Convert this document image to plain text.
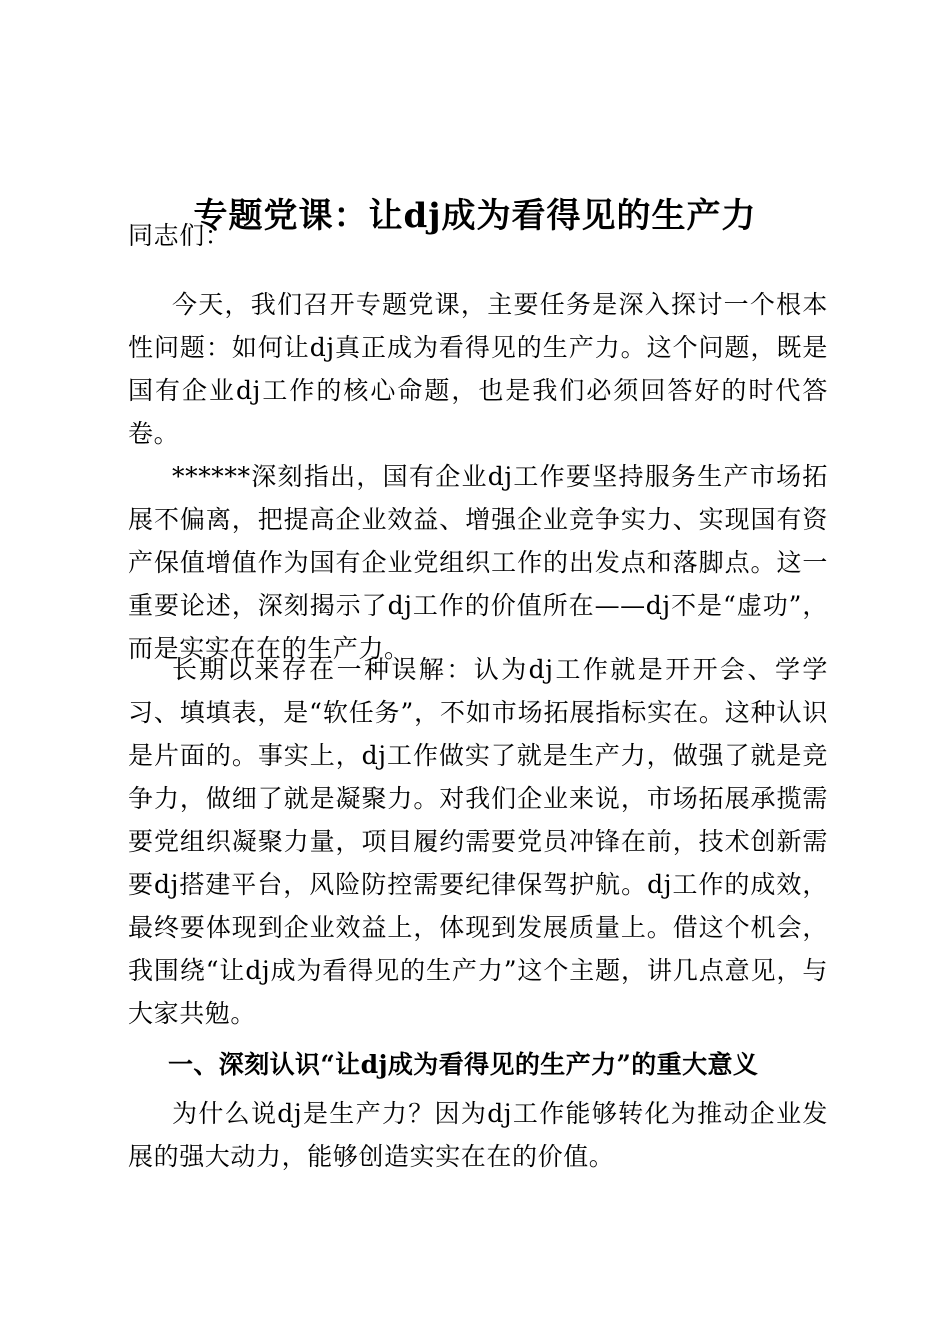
专题党课：让dj成为看得见的生产力

同志们：

今天，我们召开专题党课，主要任务是深入探讨一个根本性问题：如何让dj真正成为看得见的生产力。这个问题，既是国有企业dj工作的核心命题，也是我们必须回答好的时代答卷。

******深刻指出，国有企业dj工作要坚持服务生产市场拓展不偏离，把提高企业效益、增强企业竞争实力、实现国有资产保值增值作为国有企业党组织工作的出发点和落脚点。这一重要论述，深刻揭示了dj工作的价值所在——dj不是“虚功”，而是实实在在的生产力。

长期以来存在一种误解：认为dj工作就是开开会、学学习、填填表，是“软任务”，不如市场拓展指标实在。这种认识是片面的。事实上，dj工作做实了就是生产力，做强了就是竞争力，做细了就是凝聚力。对我们企业来说，市场拓展承揽需要党组织凝聚力量，项目履约需要党员冲锋在前，技术创新需要dj搭建平台，风险防控需要纪律保驾护航。dj工作的成效，最终要体现到企业效益上，体现到发展质量上。借这个机会，我围绕“让dj成为看得见的生产力”这个主题，讲几点意见，与大家共勉。

一、深刻认识“让dj成为看得见的生产力”的重大意义

为什么说dj是生产力？因为dj工作能够转化为推动企业发展的强大动力，能够创造实实在在的价值。
